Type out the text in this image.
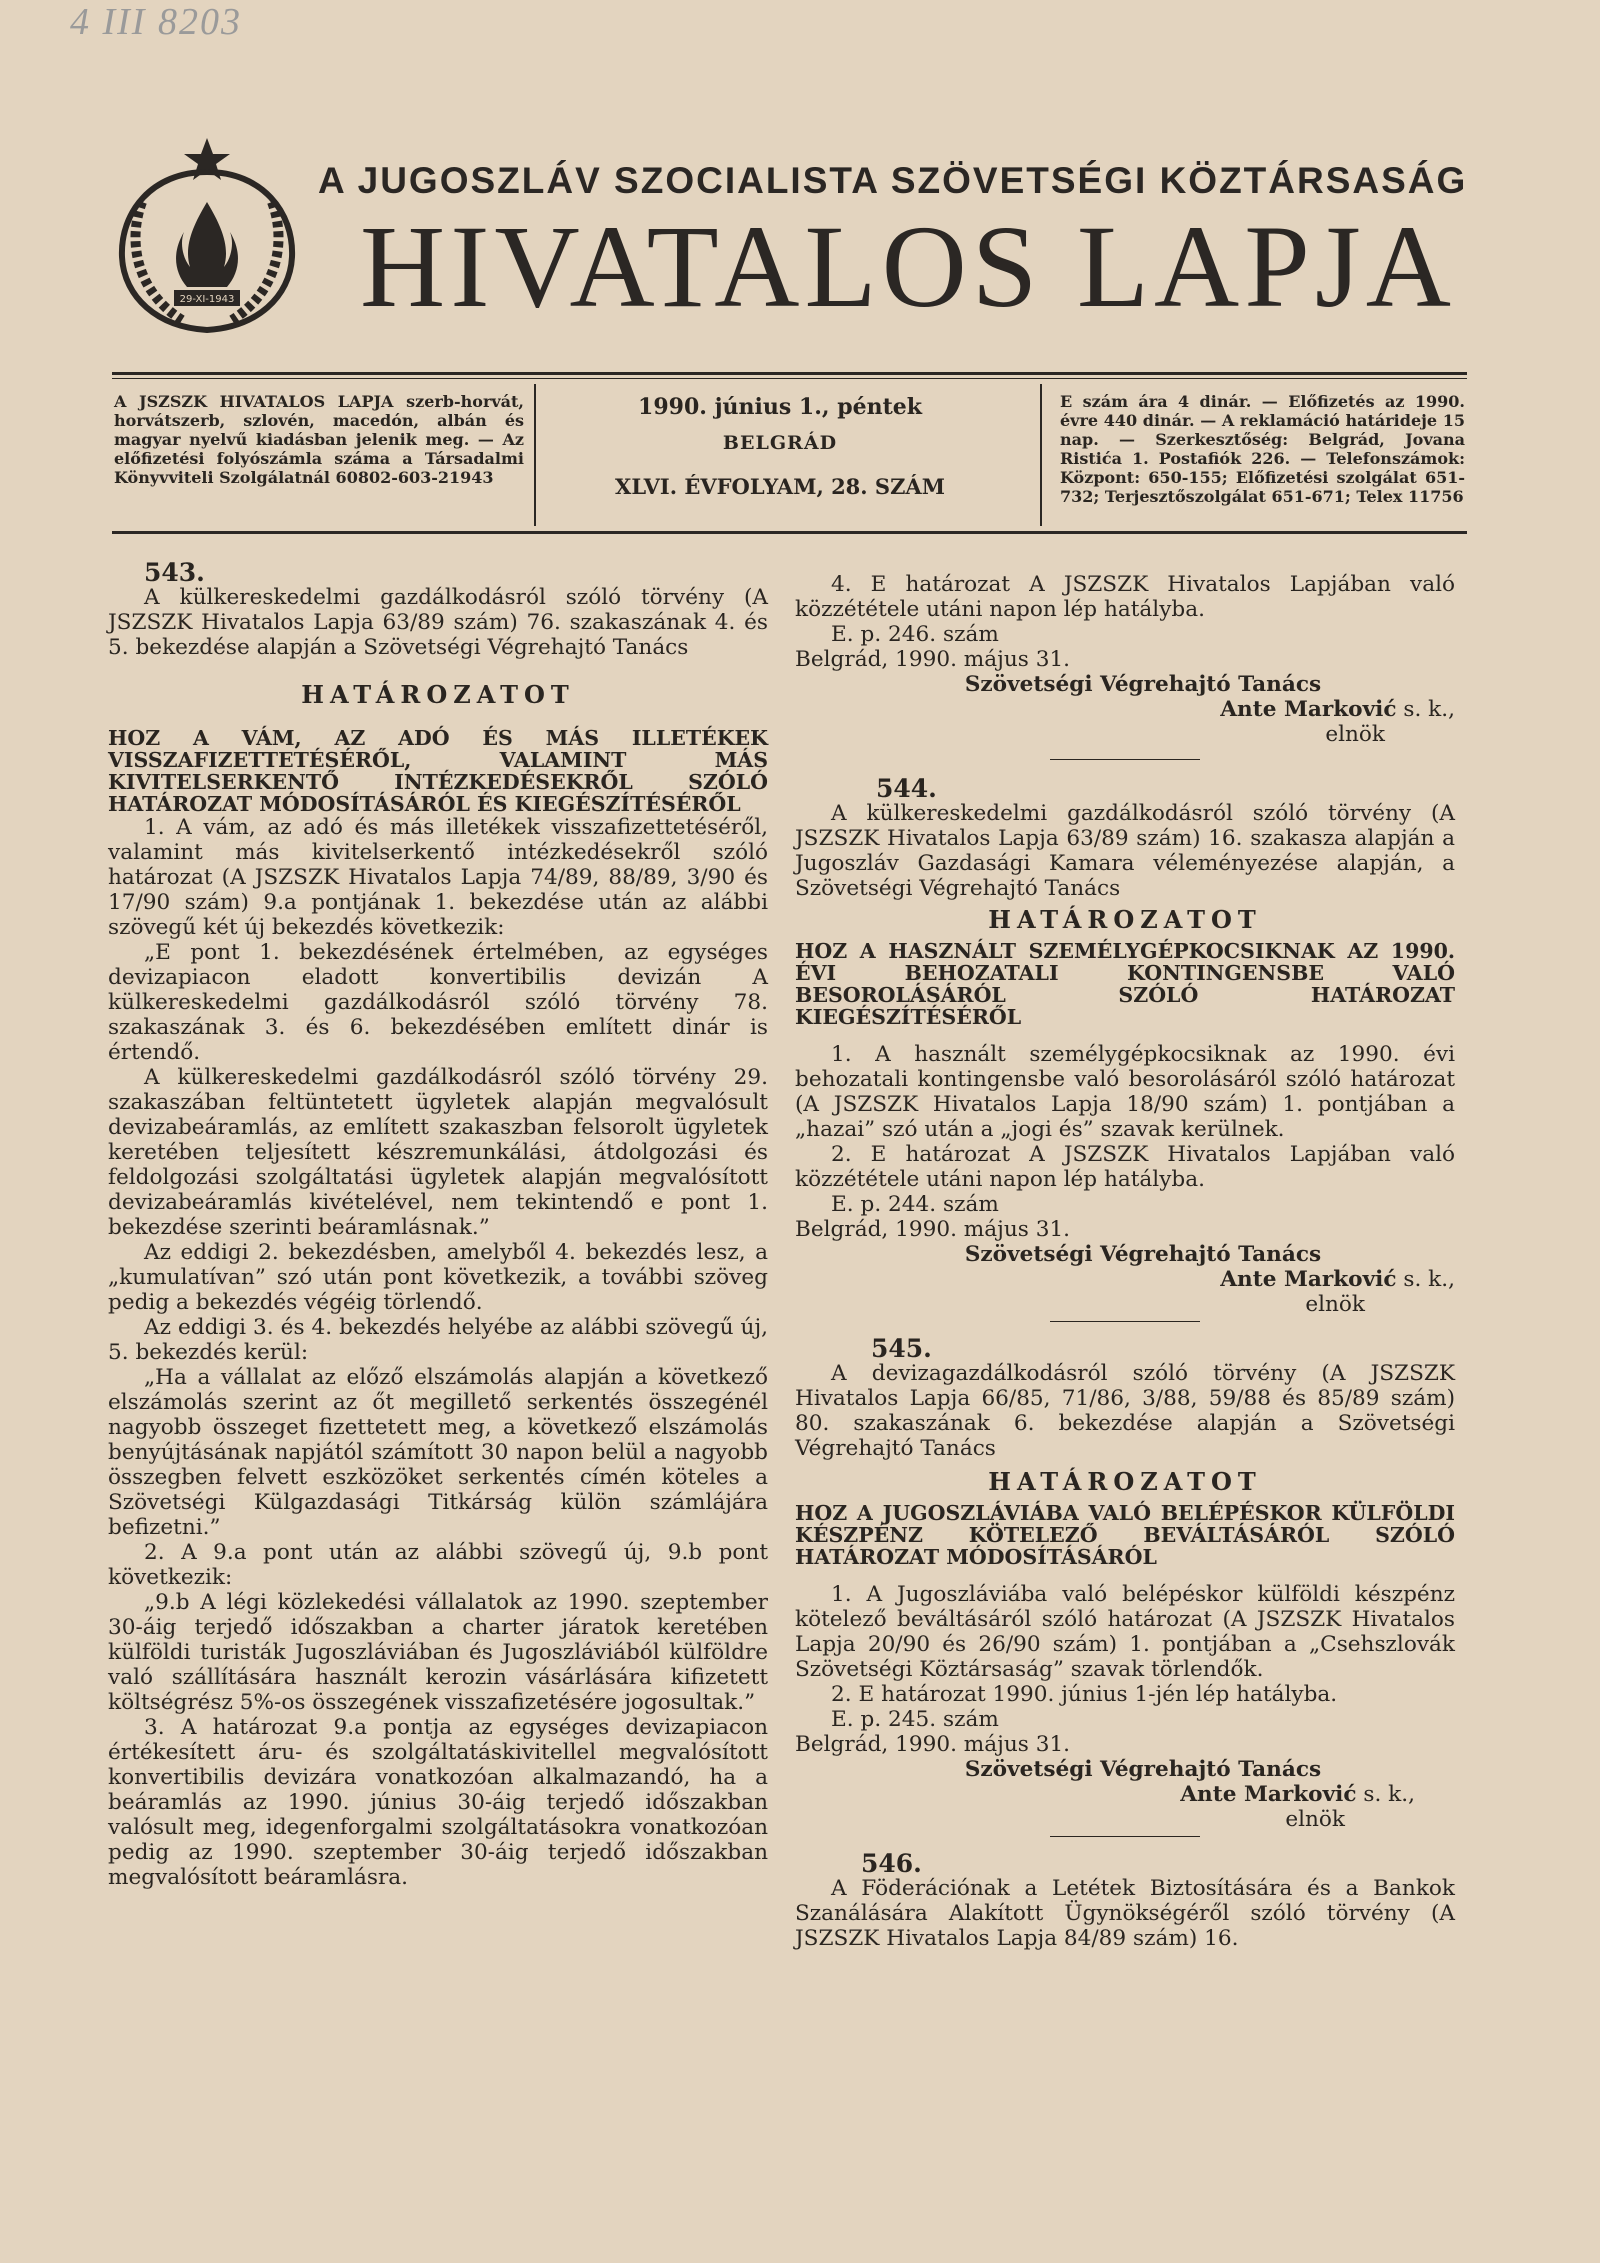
4 III 8203
29-XI-1943
A JUGOSZLÁV SZOCIALISTA SZÖVETSÉGI KÖZTÁRSASÁG
HIVATALOS LAPJA

A JSZSZK HIVATALOS LAPJA szerb-horvát, horvátszerb, szlovén, macedón, albán és magyar nyelvű kiadásban jelenik meg. — Az előfizetési folyószámla száma a Társadalmi Könyvviteli Szolgálatnál 60802-603-21943

1990. június 1., péntek
BELGRÁD
XLVI. ÉVFOLYAM, 28. SZÁM

E szám ára 4 dinár. — Előfizetés az 1990. évre 440 dinár. — A reklamáció határideje 15 nap. — Szerkesztőség: Belgrád, Jovana Ristića 1. Postafiók 226. — Telefonszámok: Központ: 650-155; Előfizetési szolgálat 651-732; Terjesztőszolgálat 651-671; Telex 11756

543.

A külkereskedelmi gazdálkodásról szóló törvény (A JSZSZK Hivatalos Lapja 63/89 szám) 76. szakaszának 4. és 5. bekezdése alapján a Szövetségi Végrehajtó Tanács

HATÁROZATOT

HOZ A VÁM, AZ ADÓ ÉS MÁS ILLETÉKEK VISSZAFIZETTETÉSÉRŐL, VALAMINT MÁS KIVITELSERKENTŐ INTÉZKEDÉSEKRŐL SZÓLÓ HATÁROZAT MÓDOSÍTÁSÁRÓL ÉS KIEGÉSZÍTÉSÉRŐL

1. A vám, az adó és más illetékek visszafizettetéséről, valamint más kivitelserkentő intézkedésekről szóló határozat (A JSZSZK Hivatalos Lapja 74/89, 88/89, 3/90 és 17/90 szám) 9.a pontjának 1. bekezdése után az alábbi szövegű két új bekezdés következik:

„E pont 1. bekezdésének értelmében, az egységes devizapiacon eladott konvertibilis devizán A külkereskedelmi gazdálkodásról szóló törvény 78. szakaszának 3. és 6. bekezdésében említett dinár is értendő.

A külkereskedelmi gazdálkodásról szóló törvény 29. szakaszában feltüntetett ügyletek alapján megvalósult devizabeáramlás, az említett szakaszban felsorolt ügyletek keretében teljesített készremunkálási, átdolgozási és feldolgozási szolgáltatási ügyletek alapján megvalósított devizabeáramlás kivételével, nem tekintendő e pont 1. bekezdése szerinti beáramlásnak.”

Az eddigi 2. bekezdésben, amelyből 4. bekezdés lesz, a „kumulatívan” szó után pont következik, a további szöveg pedig a bekezdés végéig törlendő.

Az eddigi 3. és 4. bekezdés helyébe az alábbi szövegű új, 5. bekezdés kerül:

„Ha a vállalat az előző elszámolás alapján a következő elszámolás szerint az őt megillető serkentés összegénél nagyobb összeget fizettetett meg, a következő elszámolás benyújtásának napjától számított 30 napon belül a nagyobb összegben felvett eszközöket serkentés címén köteles a Szövetségi Külgazdasági Titkárság külön számlájára befizetni.”

2. A 9.a pont után az alábbi szövegű új, 9.b pont következik:

„9.b A légi közlekedési vállalatok az 1990. szeptember 30-áig terjedő időszakban a charter járatok keretében külföldi turisták Jugoszláviában és Jugoszláviából külföldre való szállítására használt kerozin vásárlására kifizetett költségrész 5%-os összegének visszafizetésére jogosultak.”

3. A határozat 9.a pontja az egységes devizapiacon értékesített áru- és szolgáltatáskivitellel megvalósított konvertibilis devizára vonatkozóan alkalmazandó, ha a beáramlás az 1990. június 30-áig terjedő időszakban valósult meg, idegenforgalmi szolgáltatásokra vonatkozóan pedig az 1990. szeptember 30-áig terjedő időszakban megvalósított beáramlásra.

4. E határozat A JSZSZK Hivatalos Lapjában való közzététele utáni napon lép hatályba.

E. p. 246. szám

Belgrád, 1990. május 31.

Szövetségi Végrehajtó Tanács

Ante Marković s. k.,

elnök

544.

A külkereskedelmi gazdálkodásról szóló törvény (A JSZSZK Hivatalos Lapja 63/89 szám) 16. szakasza alapján a Jugoszláv Gazdasági Kamara véleményezése alapján, a Szövetségi Végrehajtó Tanács

HATÁROZATOT

HOZ A HASZNÁLT SZEMÉLYGÉPKOCSIKNAK AZ 1990. ÉVI BEHOZATALI KONTINGENSBE VALÓ BESOROLÁSÁRÓL SZÓLÓ HATÁROZAT KIEGÉSZÍTÉSÉRŐL

1. A használt személygépkocsiknak az 1990. évi behozatali kontingensbe való besorolásáról szóló határozat (A JSZSZK Hivatalos Lapja 18/90 szám) 1. pontjában a „hazai” szó után a „jogi és” szavak kerülnek.

2. E határozat A JSZSZK Hivatalos Lapjában való közzététele utáni napon lép hatályba.

E. p. 244. szám

Belgrád, 1990. május 31.

Szövetségi Végrehajtó Tanács

Ante Marković s. k.,

elnök

545.

A devizagazdálkodásról szóló törvény (A JSZSZK Hivatalos Lapja 66/85, 71/86, 3/88, 59/88 és 85/89 szám) 80. szakaszának 6. bekezdése alapján a Szövetségi Végrehajtó Tanács

HATÁROZATOT

HOZ A JUGOSZLÁVIÁBA VALÓ BELÉPÉSKOR KÜLFÖLDI KÉSZPÉNZ KÖTELEZŐ BEVÁLTÁSÁRÓL SZÓLÓ HATÁROZAT MÓDOSÍTÁSÁRÓL

1. A Jugoszláviába való belépéskor külföldi készpénz kötelező beváltásáról szóló határozat (A JSZSZK Hivatalos Lapja 20/90 és 26/90 szám) 1. pontjában a „Csehszlovák Szövetségi Köztársaság” szavak törlendők.

2. E határozat 1990. június 1-jén lép hatályba.

E. p. 245. szám

Belgrád, 1990. május 31.

Szövetségi Végrehajtó Tanács

Ante Marković s. k.,

elnök

546.

A Föderációnak a Letétek Biztosítására és a Bankok Szanálására Alakított Ügynökségéről szóló törvény (A JSZSZK Hivatalos Lapja 84/89 szám) 16.
